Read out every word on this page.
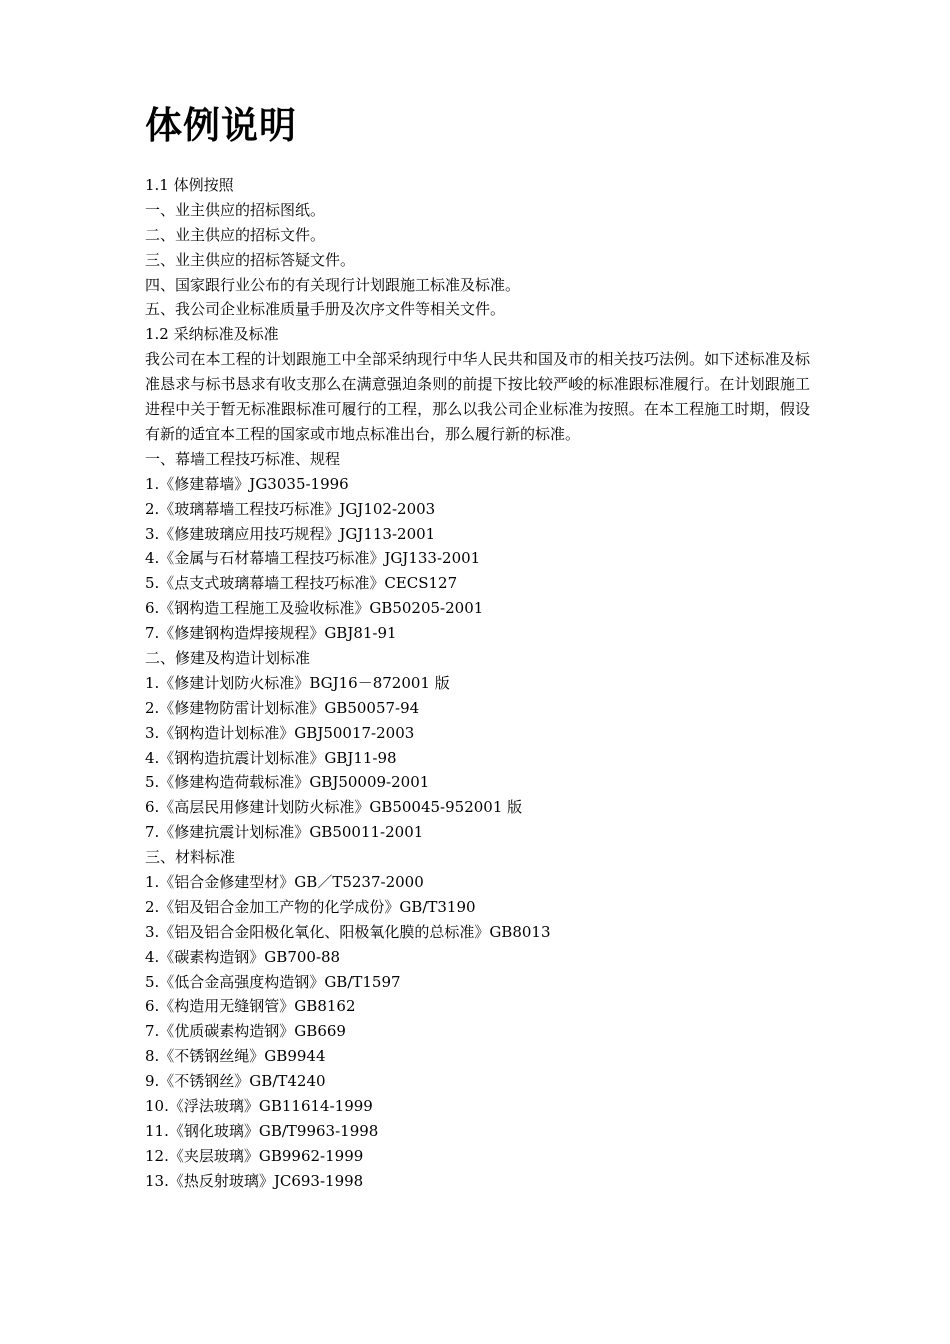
体例说明
1.1 体例按照
一、业主供应的招标图纸。
二、业主供应的招标文件。
三、业主供应的招标答疑文件。
四、国家跟行业公布的有关现行计划跟施工标准及标准。
五、我公司企业标准质量手册及次序文件等相关文件。
1.2 采纳标准及标准

我公司在本工程的计划跟施工中全部采纳现行中华人民共和国及市的相关技巧法例。如下述标准及标准恳求与标书恳求有收支那么在满意强迫条则的前提下按比较严峻的标准跟标准履行。在计划跟施工进程中关于暂无标准跟标准可履行的工程，那么以我公司企业标准为按照。在本工程施工时期，假设有新的适宜本工程的国家或市地点标准出台，那么履行新的标准。

一、幕墙工程技巧标准、规程
1.《修建幕墙》JG3035-1996
2.《玻璃幕墙工程技巧标准》JGJ102-2003
3.《修建玻璃应用技巧规程》JGJ113-2001
4.《金属与石材幕墙工程技巧标准》JGJ133-2001
5.《点支式玻璃幕墙工程技巧标准》CECS127
6.《钢构造工程施工及验收标准》GB50205-2001
7.《修建钢构造焊接规程》GBJ81-91
二、修建及构造计划标准
1.《修建计划防火标准》BGJ16－872001 版
2.《修建物防雷计划标准》GB50057-94
3.《钢构造计划标准》GBJ50017-2003
4.《钢构造抗震计划标准》GBJ11-98
5.《修建构造荷载标准》GBJ50009-2001
6.《高层民用修建计划防火标准》GB50045-952001 版
7.《修建抗震计划标准》GB50011-2001
三、材料标准
1.《铝合金修建型材》GB／T5237-2000
2.《铝及铝合金加工产物的化学成份》GB/T3190
3.《铝及铝合金阳极化氧化、阳极氧化膜的总标准》GB8013
4.《碳素构造钢》GB700-88
5.《低合金高强度构造钢》GB/T1597
6.《构造用无缝钢管》GB8162
7.《优质碳素构造钢》GB669
8.《不锈钢丝绳》GB9944
9.《不锈钢丝》GB/T4240
10.《浮法玻璃》GB11614-1999
11.《钢化玻璃》GB/T9963-1998
12.《夹层玻璃》GB9962-1999
13.《热反射玻璃》JC693-1998
